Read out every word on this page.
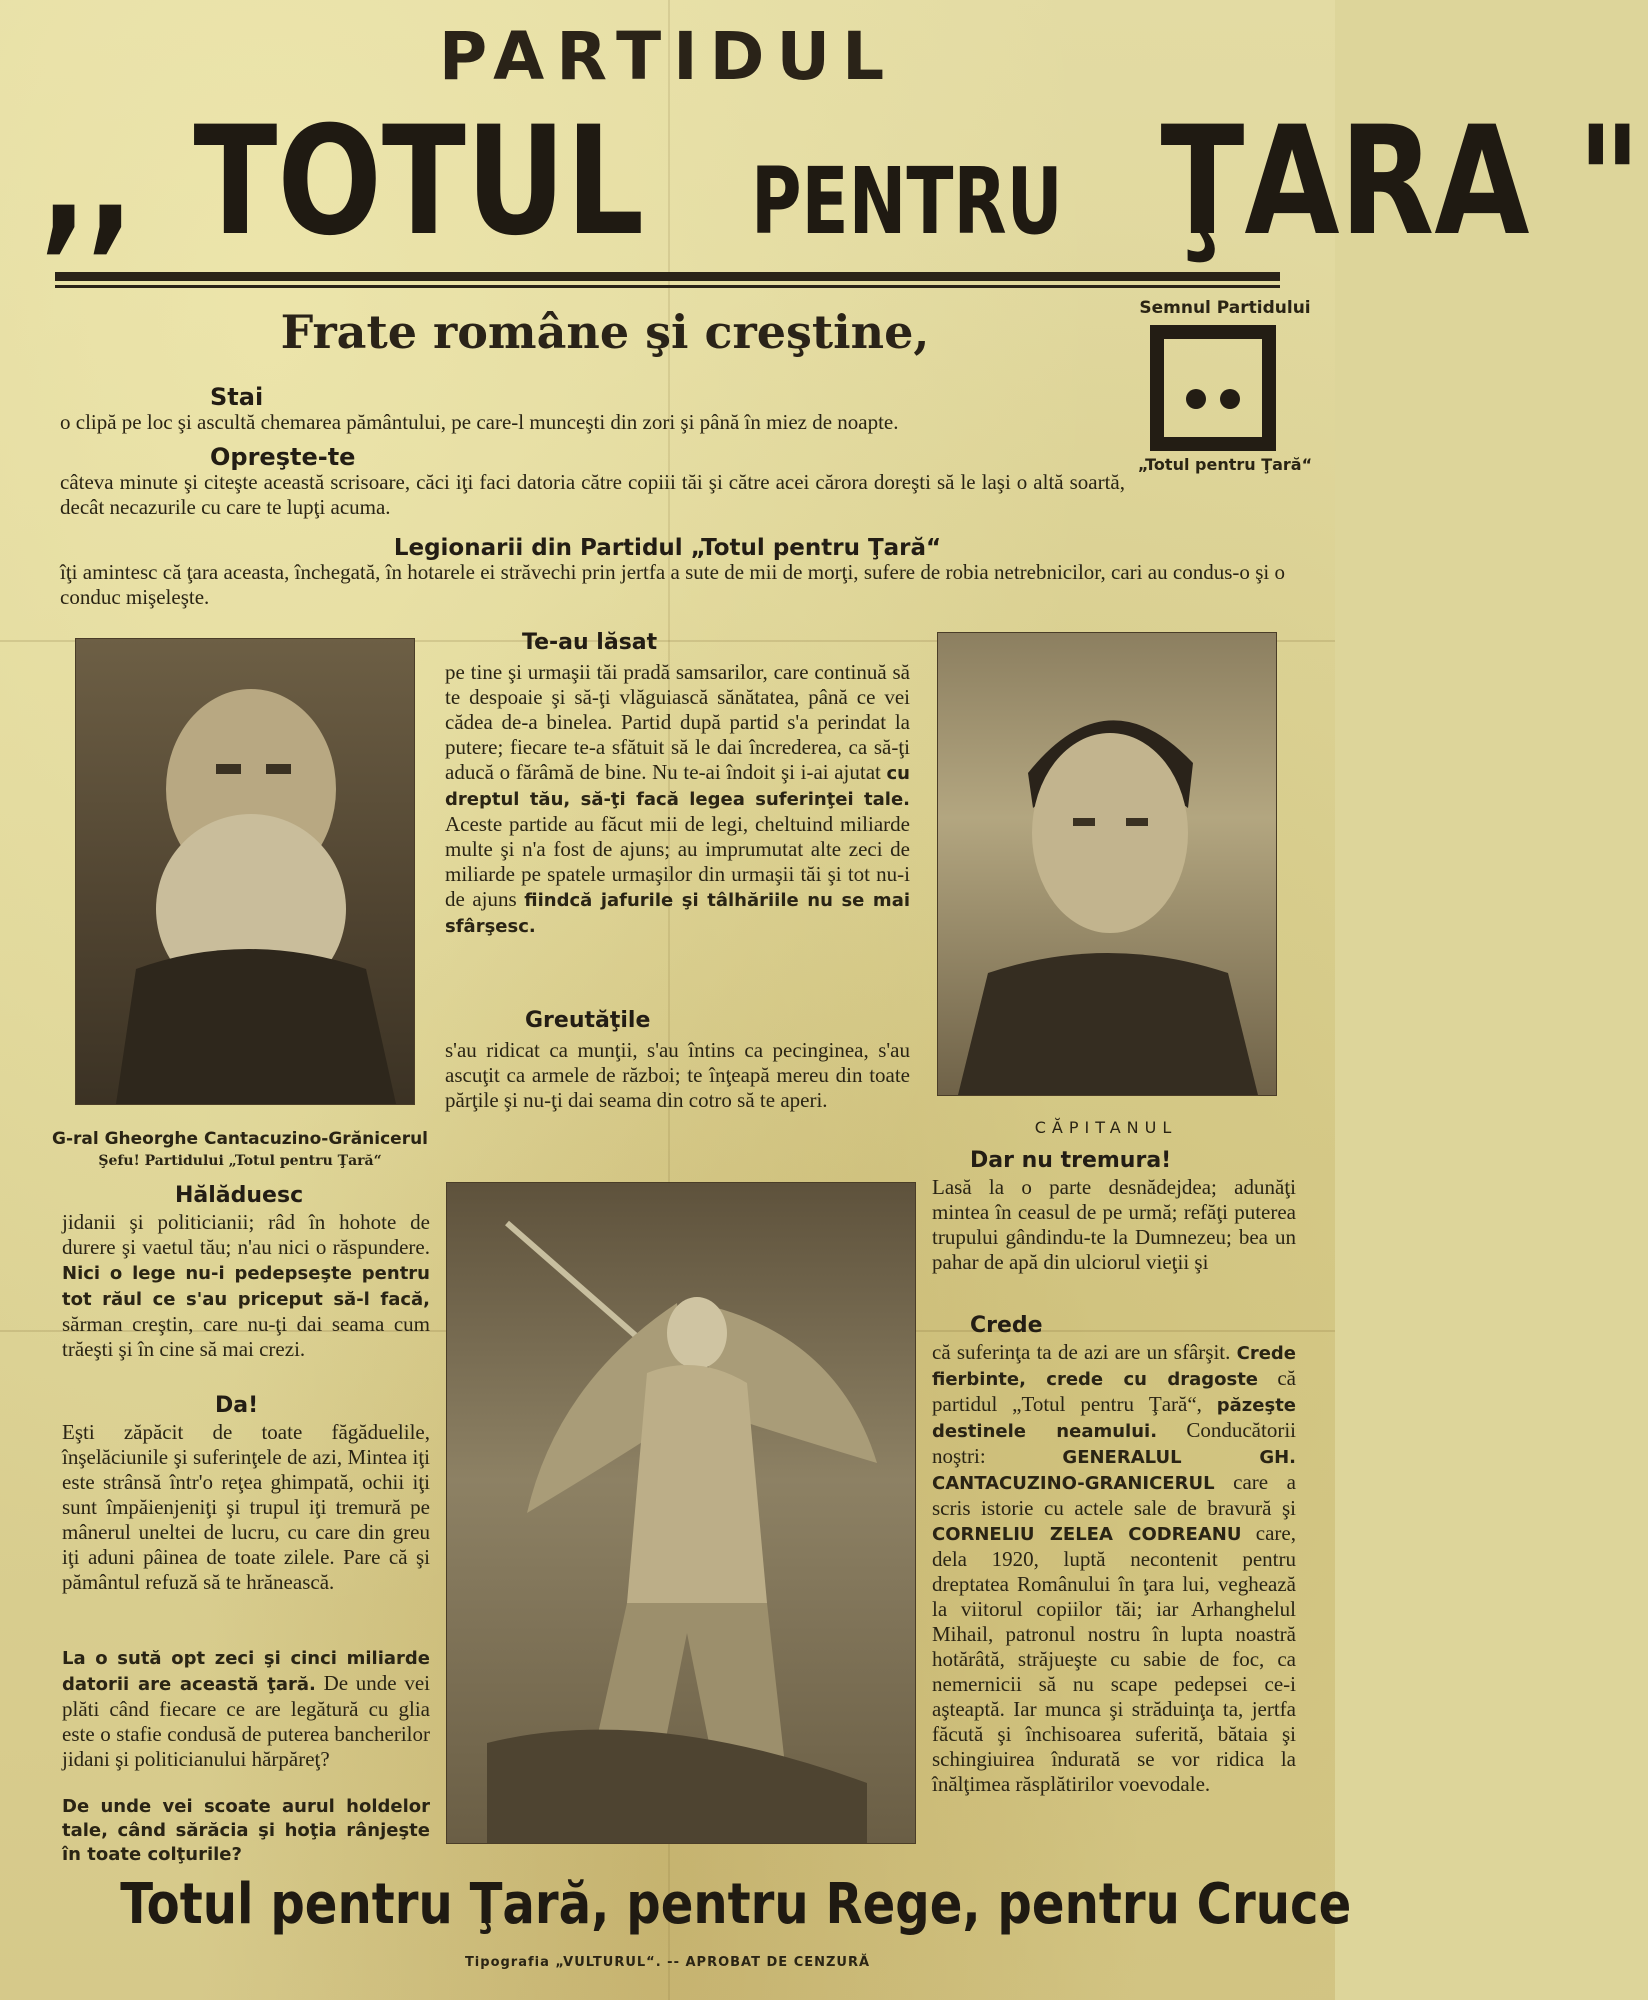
PARTIDUL
,, TOTUL PENTRU ŢARA "
Frate române şi creştine,	Semnul Partidului
„Totul pentru Ţară“
Stai
o clipă pe loc şi ascultă chemarea pământului, pe care-l munceşti din zori şi până în miez de noapte.
Opreşte-te
câteva minute şi citeşte această scrisoare, căci iţi faci datoria către copiii tăi şi către acei cărora doreşti să le laşi o altă soartă, decât necazurile cu care te lupţi acuma.
Legionarii din Partidul „Totul pentru Ţară“
îţi amintesc că ţara aceasta, închegată, în hotarele ei străvechi prin jertfa a sute de mii de morţi, sufere de robia netrebnicilor, cari au condus-o şi o conduc mişeleşte.
G-ral Gheorghe Cantacuzino-Grănicerul
Şefu! Partidului „Totul pentru Ţară“
CĂPITANUL
Te-au lăsat
pe tine şi urmaşii tăi pradă samsarilor, care continuă să te despoaie şi să-ţi vlăguiască sănătatea, până ce vei cădea de-a binelea. Partid după partid s'a perindat la putere; fiecare te-a sfătuit să le dai încrederea, ca să-ţi aducă o fărâmă de bine. Nu te-ai îndoit şi i-ai ajutat cu dreptul tău, să-ţi facă legea suferinţei tale. Aceste partide au făcut mii de legi, cheltuind miliarde multe şi n'a fost de ajuns; au imprumutat alte zeci de miliarde pe spatele urmaşilor din urmaşii tăi şi tot nu-i de ajuns fiindcă jafurile şi tâlhăriile nu se mai sfârşesc.
Greutăţile
s'au ridicat ca munţii, s'au întins ca pecinginea, s'au ascuţit ca armele de război; te înţeapă mereu din toate părţile şi nu-ţi dai seama din cotro să te aperi.
Hălăduesc
jidanii şi politicianii; râd în hohote de durere şi vaetul tău; n'au nici o răspundere. Nici o lege nu-i pedepseşte pentru tot răul ce s'au priceput să-l facă, sărman creştin, care nu-ţi dai seama cum trăeşti şi în cine să mai crezi.
Da!
Eşti zăpăcit de toate făgăduelile, înşelăciunile şi suferinţele de azi, Mintea iţi este strânsă într'o reţea ghimpată, ochii iţi sunt împăienjeniţi şi trupul iţi tremură pe mânerul uneltei de lucru, cu care din greu iţi aduni pâinea de toate zilele. Pare că şi pământul refuză să te hrănească.
La o sută opt zeci şi cinci miliarde datorii are această ţară. De unde vei plăti când fiecare ce are legătură cu glia este o stafie condusă de puterea bancherilor jidani şi politicianului hărpăreţ?
De unde vei scoate aurul holdelor tale, când sărăcia şi hoţia rânjeşte în toate colţurile?
Dar nu tremura!
Lasă la o parte desnădejdea; adunăţi mintea în ceasul de pe urmă; refăţi puterea trupului gândindu-te la Dumnezeu; bea un pahar de apă din ulciorul vieţii şi
Crede
că suferinţa ta de azi are un sfârşit. Crede fierbinte, crede cu dragoste că partidul „Totul pentru Ţară“, păzeşte destinele neamului. Conducătorii noştri:	GENERALUL GH. CANTACUZINO-GRANICERUL care a scris istorie cu actele sale de bravură şi CORNELIU ZELEA CODREANU care, dela 1920, luptă necontenit pentru dreptatea Românului în ţara lui, veghează la viitorul copiilor tăi; iar Arhanghelul Mihail, patronul nostru în lupta noastră hotărâtă, străjueşte cu sabie de foc, ca nemernicii să nu scape pedepsei ce-i aşteaptă. Iar munca şi străduinţa ta, jertfa făcută şi închisoarea suferită, bătaia şi schingiuirea îndurată se vor ridica la înălţimea răsplătirilor voevodale.
Totul pentru Ţară, pentru Rege, pentru Cruce
Tipografia „VULTURUL“. -- APROBAT DE CENZURĂ
